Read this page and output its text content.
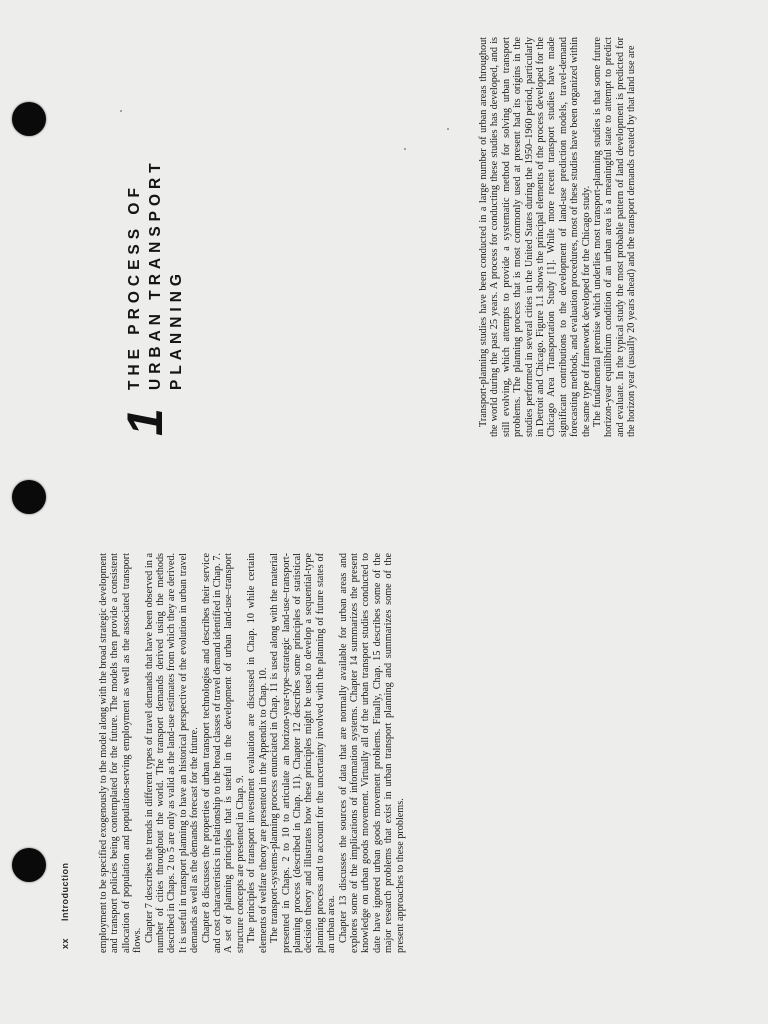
xx Introduction	employment to be specified exogenously to the model along with the broad strategic development and transport policies being contemplated for the future. The models then provide a consistent allocation of population and population-serving employment as well as the associated transport flows. Chapter 7 describes the trends in different types of travel demands that have been observed in a number of cities throughout the world. The transport demands derived using the methods described in Chaps. 2 to 5 are only as valid as the land-use estimates from which they are derived. It is useful in transport planning to have an historical perspective of the evolution in urban travel demands as well as the demands forecast for the future. Chapter 8 discusses the properties of urban transport technologies and describes their service and cost characteristics in relationship to the broad classes of travel demand identified in Chap. 7. A set of planning principles that is useful in the development of urban land-use–transport structure concepts are presented in Chap. 9. The principles of transport investment evaluation are discussed in Chap. 10 while certain elements of welfare theory are presented in the Appendix to Chap. 10. The transport-systems-planning process enunciated in Chap. 11 is used along with the material presented in Chaps. 2 to 10 to articulate an horizon-year-type–strategic land-use–transport-planning process (described in Chap. 11). Chapter 12 describes some principles of statistical decision theory and illustrates how these principles might be used to develop a sequential-type planning process and to account for the uncertainty involved with the planning of future states of an urban area. Chapter 13 discusses the sources of data that are normally available for urban areas and explores some of the implications of information systems. Chapter 14 summarizes the present knowledge on urban goods movement. Virtually all of the urban transport studies conducted to date have ignored urban goods movement problems. Finally, Chap. 15 describes some of the major research problems that exist in urban transport planning and summarizes some of the present approaches to these problems.

1
THE PROCESS OF URBAN TRANSPORT PLANNING	Transport-planning studies have been conducted in a large number of urban areas throughout the world during the past 25 years. A process for conducting these studies has developed, and is still evolving, which attempts to provide a systematic method for solving urban transport problems. The planning process that is most commonly used at present had its origins in the studies performed in several cities in the United States during the 1950–1960 period, particularly in Detroit and Chicago. Figure 1.1 shows the principal elements of the process developed for the Chicago Area Transportation Study [1]. While more recent transport studies have made significant contributions to the development of land-use prediction models, travel-demand forecasting methods, and evaluation procedures, most of these studies have been organized within the same type of framework developed for the Chicago study. The fundamental premise which underlies most transport-planning studies is that some future horizon-year equilibrium condition of an urban area is a meaningful state to attempt to predict and evaluate. In the typical study the most probable pattern of land development is predicted for the horizon year (usually 20 years ahead) and the transport demands created by that land use are
